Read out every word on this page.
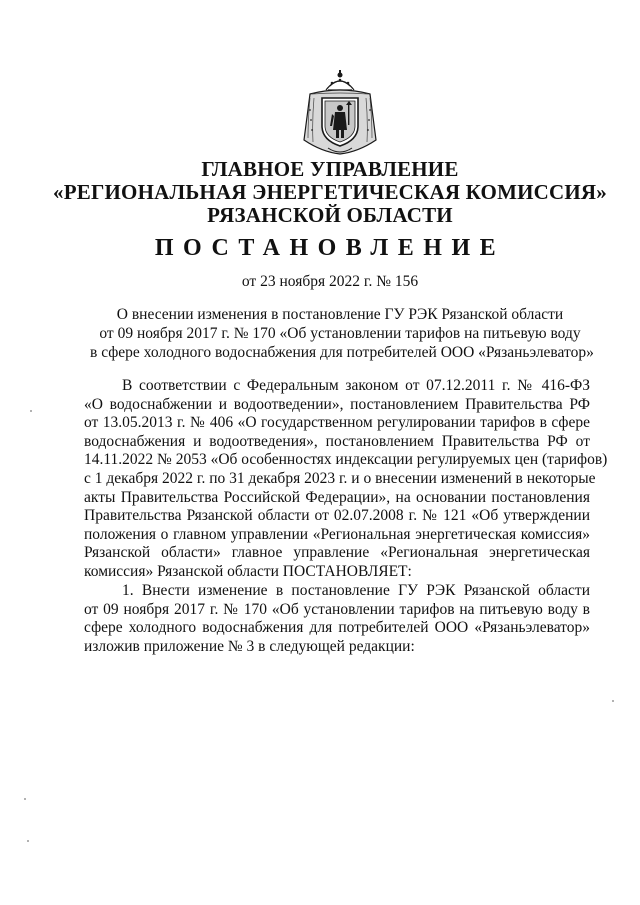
ГЛАВНОЕ УПРАВЛЕНИЕ
«РЕГИОНАЛЬНАЯ ЭНЕРГЕТИЧЕСКАЯ КОМИССИЯ»
РЯЗАНСКОЙ ОБЛАСТИ
ПОСТАНОВЛЕНИЕ
от 23 ноября 2022 г. № 156
О внесении изменения в постановление ГУ РЭК Рязанской области
от 09 ноября 2017 г. № 170 «Об установлении тарифов на питьевую воду
в сфере холодного водоснабжения для потребителей ООО «Рязаньэлеватор»
В соответствии с Федеральным законом от 07.12.2011 г. № 416-ФЗ
«О водоснабжении и водоотведении», постановлением Правительства РФ
от 13.05.2013 г. № 406 «О государственном регулировании тарифов в сфере
водоснабжения и водоотведения», постановлением Правительства РФ от
14.11.2022 № 2053 «Об особенностях индексации регулируемых цен (тарифов)
с 1 декабря 2022 г. по 31 декабря 2023 г. и о внесении изменений в некоторые
акты Правительства Российской Федерации», на основании постановления
Правительства Рязанской области от 02.07.2008 г. № 121 «Об утверждении
положения о главном управлении «Региональная энергетическая комиссия»
Рязанской области» главное управление «Региональная энергетическая
комиссия» Рязанской области ПОСТАНОВЛЯЕТ:
1. Внести изменение в постановление ГУ РЭК Рязанской области
от 09 ноября 2017 г. № 170 «Об установлении тарифов на питьевую воду в
сфере холодного водоснабжения для потребителей ООО «Рязаньэлеватор»
изложив приложение № 3 в следующей редакции:
